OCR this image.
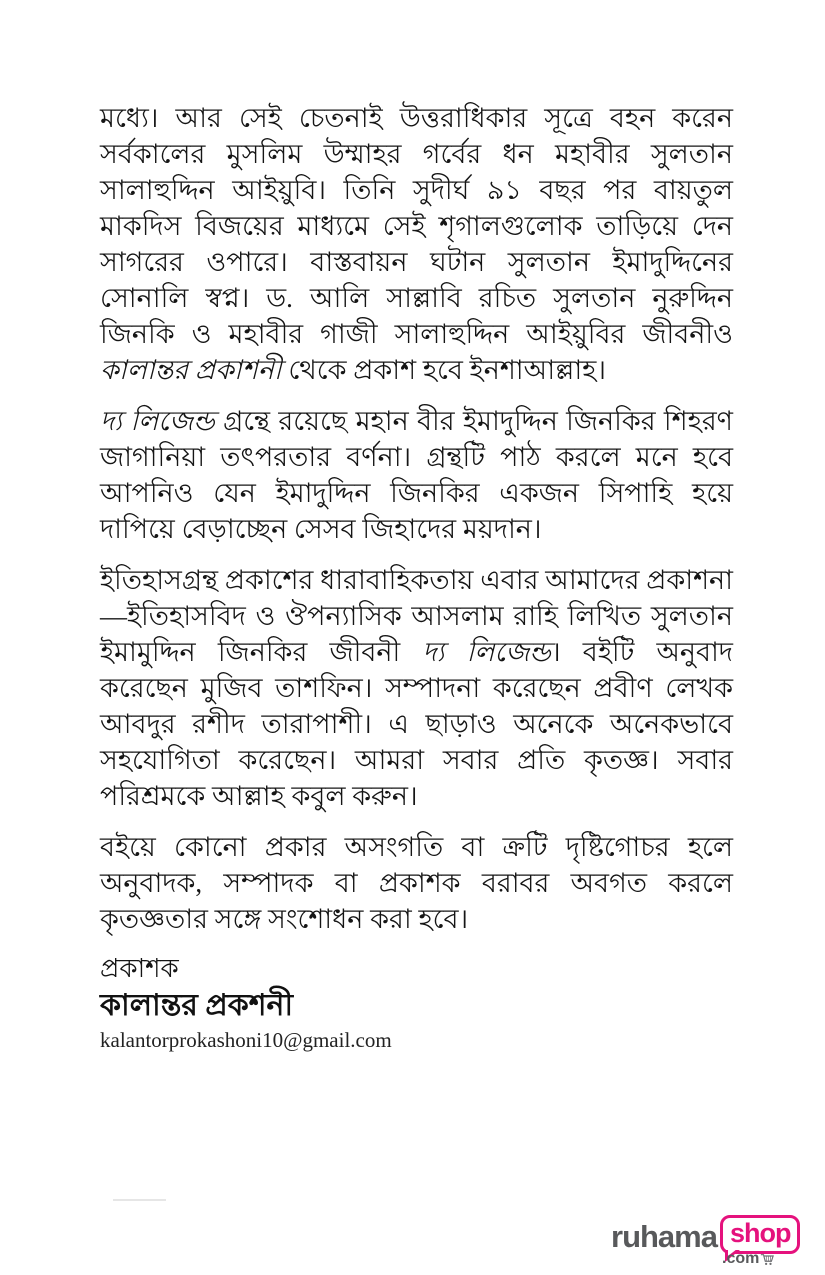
মধ্যে। আর সেই চেতনাই উত্তরাধিকার সূত্রে বহন করেন সর্বকালের মুসলিম উম্মাহর গর্বের ধন মহাবীর সুলতান সালাহুদ্দিন আইয়ুবি। তিনি সুদীর্ঘ ৯১ বছর পর বায়তুল মাকদিস বিজয়ের মাধ্যমে সেই শৃগালগুলোক তাড়িয়ে দেন সাগরের ওপারে। বাস্তবায়ন ঘটান সুলতান ইমাদুদ্দিনের সোনালি স্বপ্ন। ড. আলি সাল্লাবি রচিত সুলতান নুরুদ্দিন জিনকি ও মহাবীর গাজী সালাহুদ্দিন আইয়ুবির জীবনীও কালান্তর প্রকাশনী থেকে প্রকাশ হবে ইনশাআল্লাহ।

দ্য লিজেন্ড গ্রন্থে রয়েছে মহান বীর ইমাদুদ্দিন জিনকির শিহরণ জাগানিয়া তৎপরতার বর্ণনা। গ্রন্থটি পাঠ করলে মনে হবে আপনিও যেন ইমাদুদ্দিন জিনকির একজন সিপাহি হয়ে দাপিয়ে বেড়াচ্ছেন সেসব জিহাদের ময়দান।

ইতিহাসগ্রন্থ প্রকাশের ধারাবাহিকতায় এবার আমাদের প্রকাশনা—ইতিহাসবিদ ও ঔপন্যাসিক আসলাম রাহি লিখিত সুলতান ইমামুদ্দিন জিনকির জীবনী দ্য লিজেন্ড। বইটি অনুবাদ করেছেন মুজিব তাশফিন। সম্পাদনা করেছেন প্রবীণ লেখক আবদুর রশীদ তারাপাশী। এ ছাড়াও অনেকে অনেকভাবে সহযোগিতা করেছেন। আমরা সবার প্রতি কৃতজ্ঞ। সবার পরিশ্রমকে আল্লাহ কবুল করুন।

বইয়ে কোনো প্রকার অসংগতি বা ক্রটি দৃষ্টিগোচর হলে অনুবাদক, সম্পাদক বা প্রকাশক বরাবর অবগত করলে কৃতজ্ঞতার সঙ্গে সংশোধন করা হবে।

প্রকাশক
কালান্তর প্রকশনী
kalantorprokashoni10@gmail.com
ruhama shop
.com
